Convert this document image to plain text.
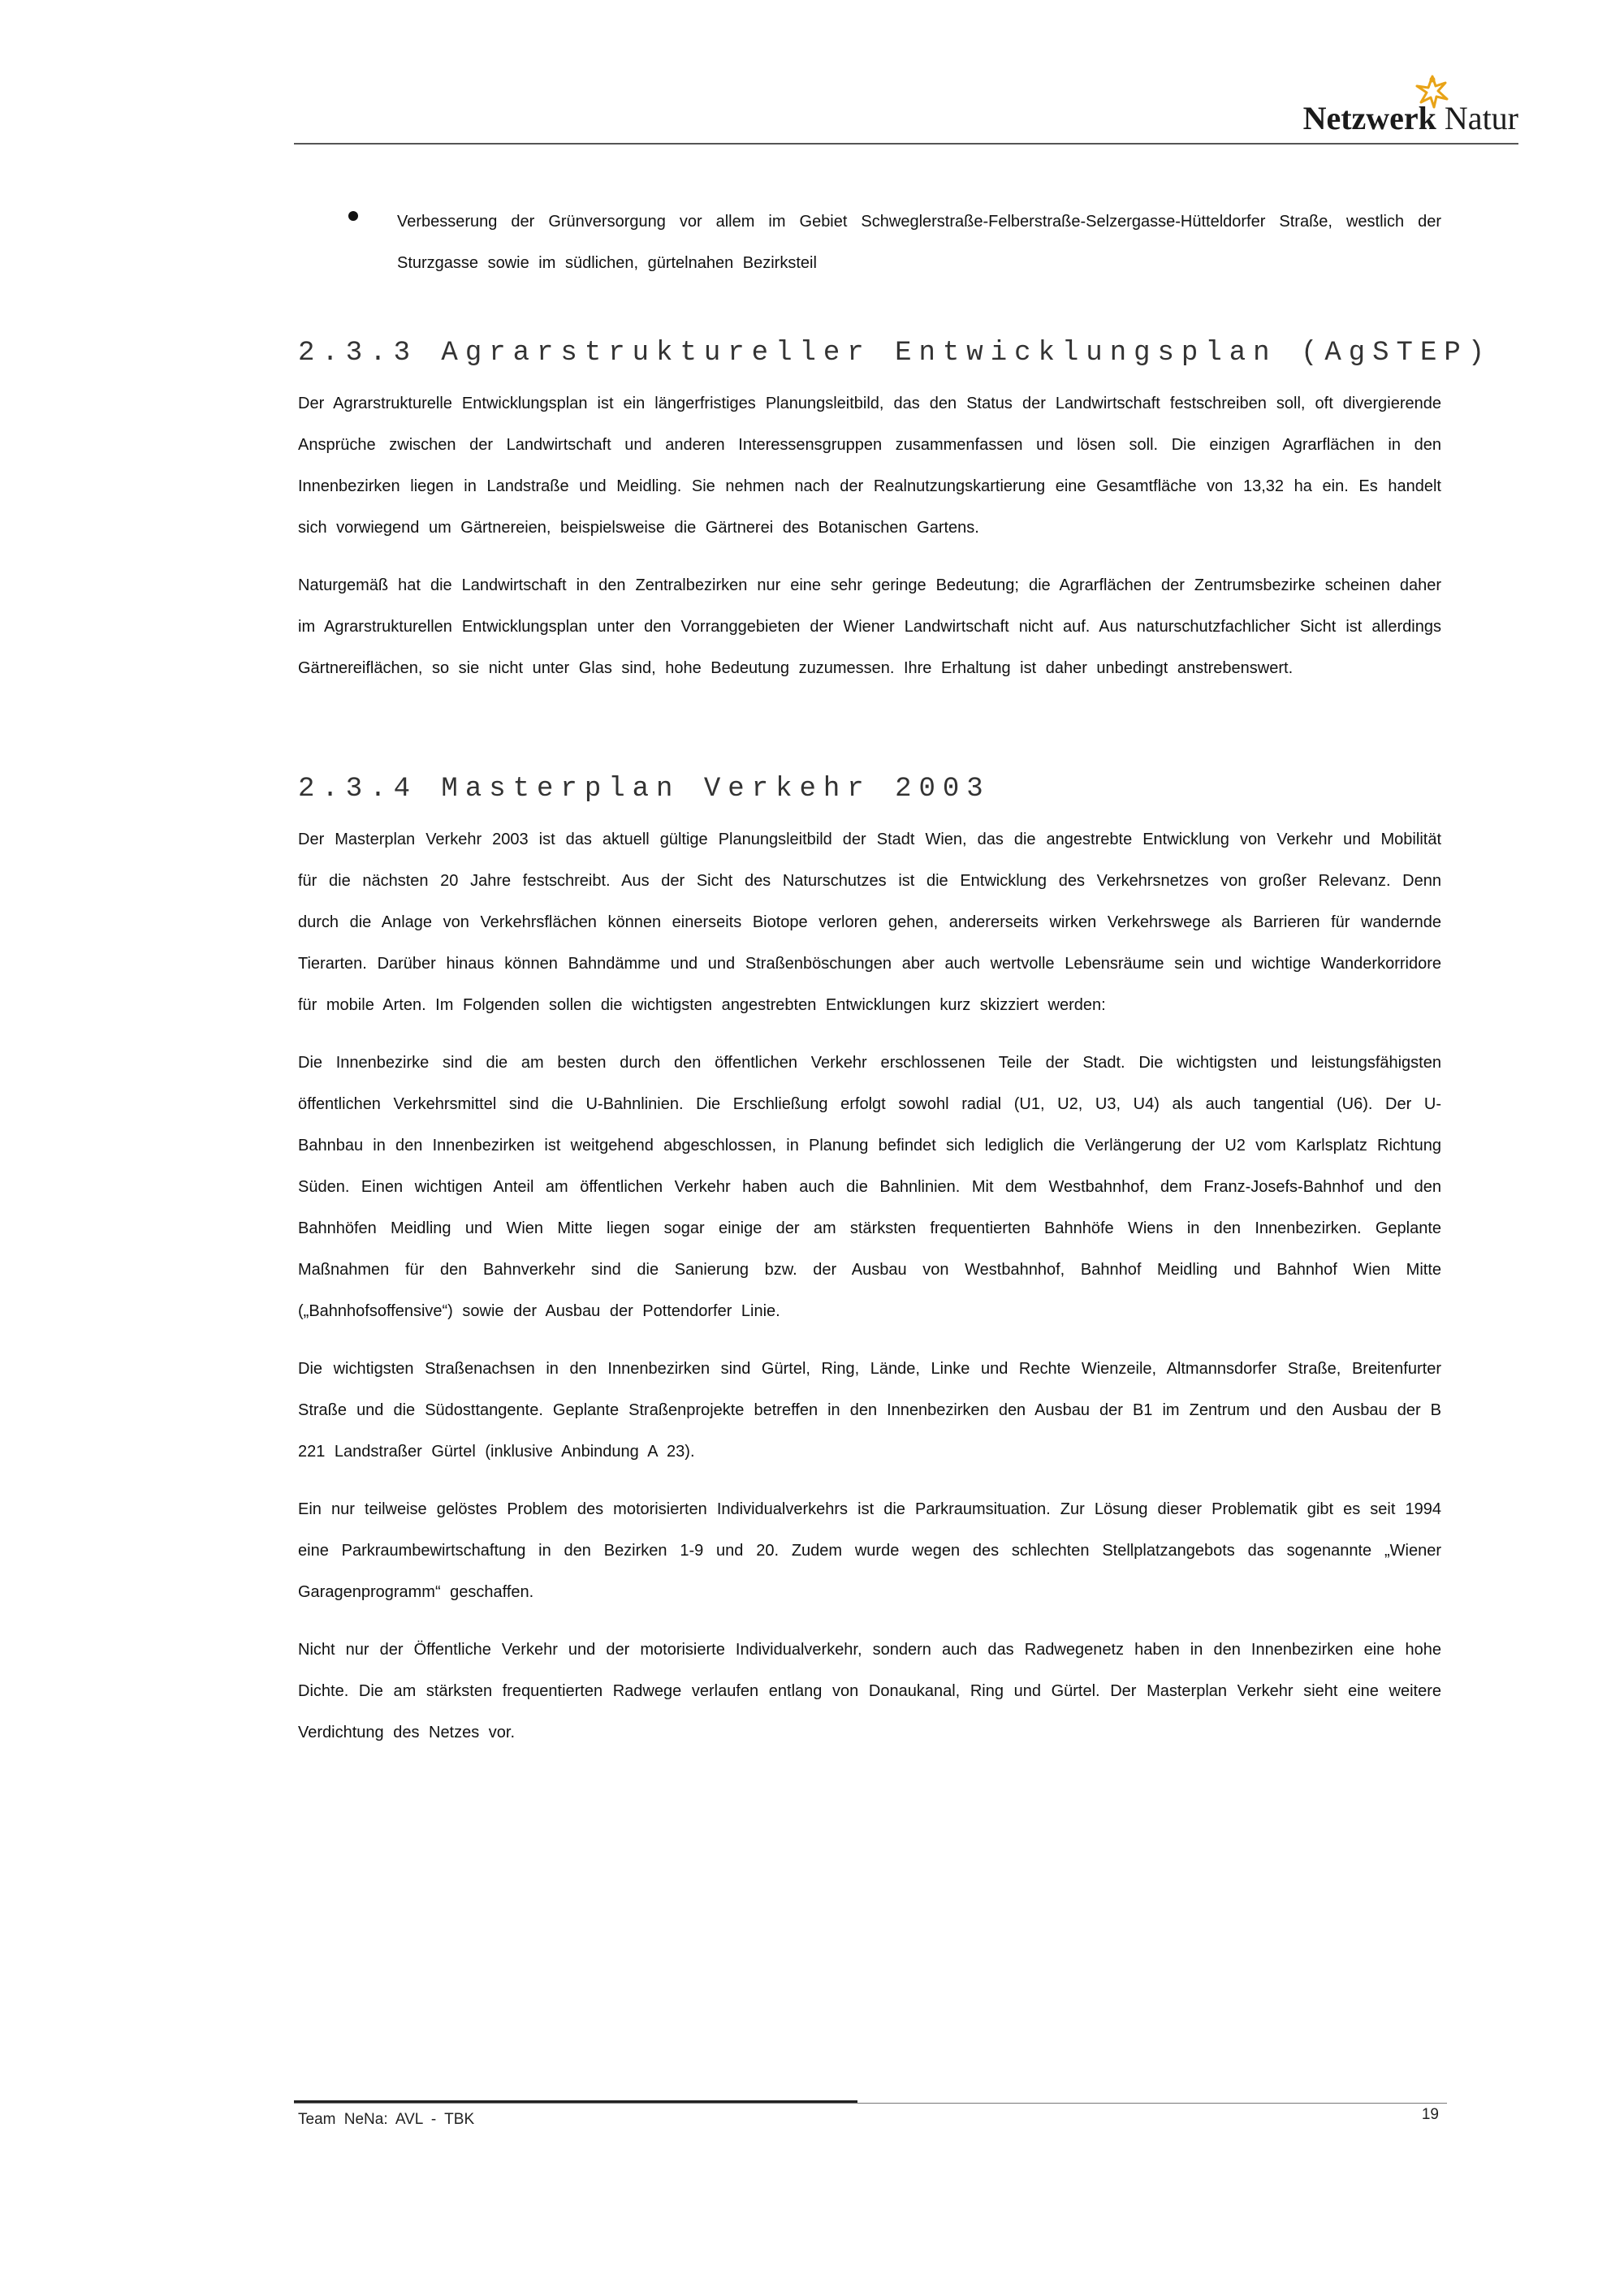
Netzwerk Natur
Verbesserung der Grünversorgung vor allem im Gebiet Schweglerstraße-Felberstraße-Selzergasse-Hütteldorfer Straße, westlich der Sturzgasse sowie im südlichen, gürtelnahen Bezirksteil
2.3.3 Agrarstruktureller Entwicklungsplan (AgSTEP)

Der Agrarstrukturelle Entwicklungsplan ist ein längerfristiges Planungsleitbild, das den Status der Landwirtschaft festschreiben soll, oft divergierende Ansprüche zwischen der Landwirtschaft und anderen Interessensgruppen zusammenfassen und lösen soll. Die einzigen Agrarflächen in den Innenbezirken liegen in Landstraße und Meidling. Sie nehmen nach der Realnutzungskartierung eine Gesamtfläche von 13,32 ha ein. Es handelt sich vorwiegend um Gärtnereien, beispielsweise die Gärtnerei des Botanischen Gartens.

Naturgemäß hat die Landwirtschaft in den Zentralbezirken nur eine sehr geringe Bedeutung; die Agrarflächen der Zentrumsbezirke scheinen daher im Agrarstrukturellen Entwicklungsplan unter den Vorranggebieten der Wiener Landwirtschaft nicht auf. Aus naturschutzfachlicher Sicht ist allerdings Gärtnereiflächen, so sie nicht unter Glas sind, hohe Bedeutung zuzumessen. Ihre Erhaltung ist daher unbedingt anstrebenswert.

2.3.4 Masterplan Verkehr 2003

Der Masterplan Verkehr 2003 ist das aktuell gültige Planungsleitbild der Stadt Wien, das die angestrebte Entwicklung von Verkehr und Mobilität für die nächsten 20 Jahre festschreibt. Aus der Sicht des Naturschutzes ist die Entwicklung des Verkehrsnetzes von großer Relevanz. Denn durch die Anlage von Verkehrsflächen können einerseits Biotope verloren gehen, andererseits wirken Verkehrswege als Barrieren für wandernde Tierarten. Darüber hinaus können Bahndämme und und Straßenböschungen aber auch wertvolle Lebensräume sein und wichtige Wanderkorridore für mobile Arten. Im Folgenden sollen die wichtigsten angestrebten Entwicklungen kurz skizziert werden:

Die Innenbezirke sind die am besten durch den öffentlichen Verkehr erschlossenen Teile der Stadt. Die wichtigsten und leistungsfähigsten öffentlichen Verkehrsmittel sind die U-Bahnlinien. Die Erschließung erfolgt sowohl radial (U1, U2, U3, U4) als auch tangential (U6). Der U-Bahnbau in den Innenbezirken ist weitgehend abgeschlossen, in Planung befindet sich lediglich die Verlängerung der U2 vom Karlsplatz Richtung Süden. Einen wichtigen Anteil am öffentlichen Verkehr haben auch die Bahnlinien. Mit dem Westbahnhof, dem Franz-Josefs-Bahnhof und den Bahnhöfen Meidling und Wien Mitte liegen sogar einige der am stärksten frequentierten Bahnhöfe Wiens in den Innenbezirken. Geplante Maßnahmen für den Bahnverkehr sind die Sanierung bzw. der Ausbau von Westbahnhof, Bahnhof Meidling und Bahnhof Wien Mitte („Bahnhofsoffensive“) sowie der Ausbau der Pottendorfer Linie.

Die wichtigsten Straßenachsen in den Innenbezirken sind Gürtel, Ring, Lände, Linke und Rechte Wienzeile, Altmannsdorfer Straße, Breitenfurter Straße und die Südosttangente. Geplante Straßenprojekte betreffen in den Innenbezirken den Ausbau der B1 im Zentrum und den Ausbau der B 221 Landstraßer Gürtel (inklusive Anbindung A 23).

Ein nur teilweise gelöstes Problem des motorisierten Individualverkehrs ist die Parkraumsituation. Zur Lösung dieser Problematik gibt es seit 1994 eine Parkraumbewirtschaftung in den Bezirken 1-9 und 20. Zudem wurde wegen des schlechten Stellplatzangebots das sogenannte „Wiener Garagenprogramm“ geschaffen.

Nicht nur der Öffentliche Verkehr und der motorisierte Individualverkehr, sondern auch das Radwegenetz haben in den Innenbezirken eine hohe Dichte. Die am stärksten frequentierten Radwege verlaufen entlang von Donaukanal, Ring und Gürtel. Der Masterplan Verkehr sieht eine weitere Verdichtung des Netzes vor.

Team NeNa: AVL - TBK	19
